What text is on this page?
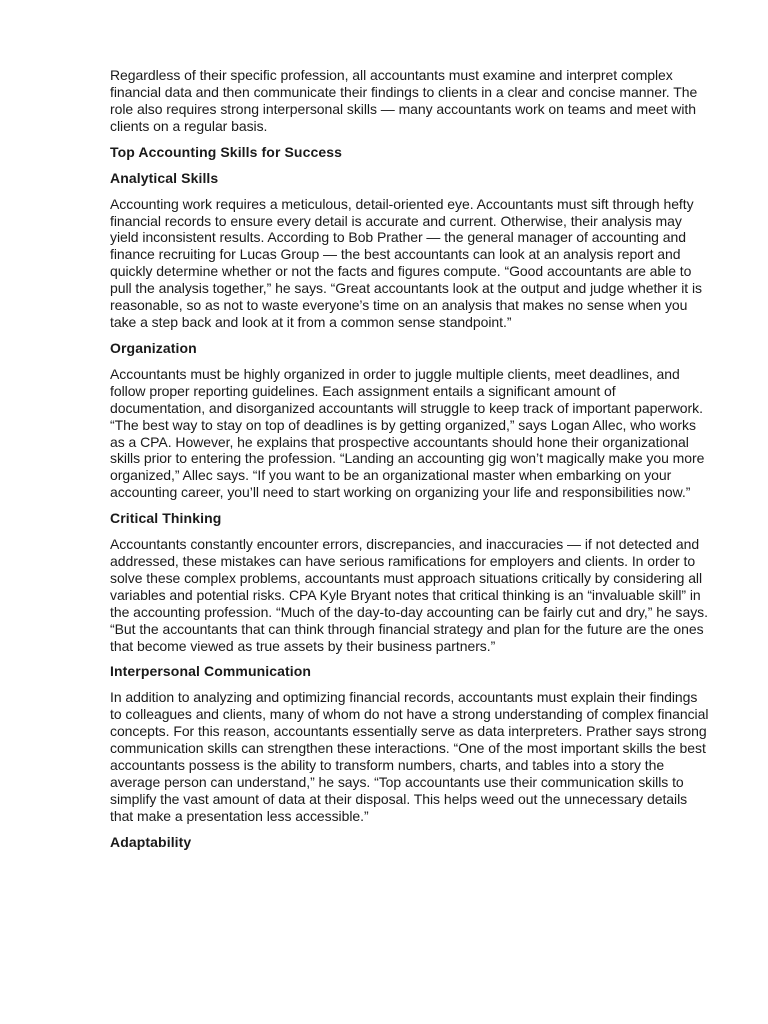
Regardless of their specific profession, all accountants must examine and interpret complex financial data and then communicate their findings to clients in a clear and concise manner. The role also requires strong interpersonal skills — many accountants work on teams and meet with clients on a regular basis.

Top Accounting Skills for Success
Analytical Skills

Accounting work requires a meticulous, detail-oriented eye. Accountants must sift through hefty financial records to ensure every detail is accurate and current. Otherwise, their analysis may yield inconsistent results. According to Bob Prather — the general manager of accounting and finance recruiting for Lucas Group — the best accountants can look at an analysis report and quickly determine whether or not the facts and figures compute. “Good accountants are able to pull the analysis together,” he says. “Great accountants look at the output and judge whether it is reasonable, so as not to waste everyone’s time on an analysis that makes no sense when you take a step back and look at it from a common sense standpoint.”

Organization

Accountants must be highly organized in order to juggle multiple clients, meet deadlines, and follow proper reporting guidelines. Each assignment entails a significant amount of documentation, and disorganized accountants will struggle to keep track of important paperwork. “The best way to stay on top of deadlines is by getting organized,” says Logan Allec, who works as a CPA. However, he explains that prospective accountants should hone their organizational skills prior to entering the profession. “Landing an accounting gig won’t magically make you more organized,” Allec says. “If you want to be an organizational master when embarking on your accounting career, you’ll need to start working on organizing your life and responsibilities now.”

Critical Thinking

Accountants constantly encounter errors, discrepancies, and inaccuracies — if not detected and addressed, these mistakes can have serious ramifications for employers and clients. In order to solve these complex problems, accountants must approach situations critically by considering all variables and potential risks. CPA Kyle Bryant notes that critical thinking is an “invaluable skill” in the accounting profession. “Much of the day-to-day accounting can be fairly cut and dry,” he says. “But the accountants that can think through financial strategy and plan for the future are the ones that become viewed as true assets by their business partners.”

Interpersonal Communication

In addition to analyzing and optimizing financial records, accountants must explain their findings to colleagues and clients, many of whom do not have a strong understanding of complex financial concepts. For this reason, accountants essentially serve as data interpreters. Prather says strong communication skills can strengthen these interactions. “One of the most important skills the best accountants possess is the ability to transform numbers, charts, and tables into a story the average person can understand,” he says. “Top accountants use their communication skills to simplify the vast amount of data at their disposal. This helps weed out the unnecessary details that make a presentation less accessible.”

Adaptability
